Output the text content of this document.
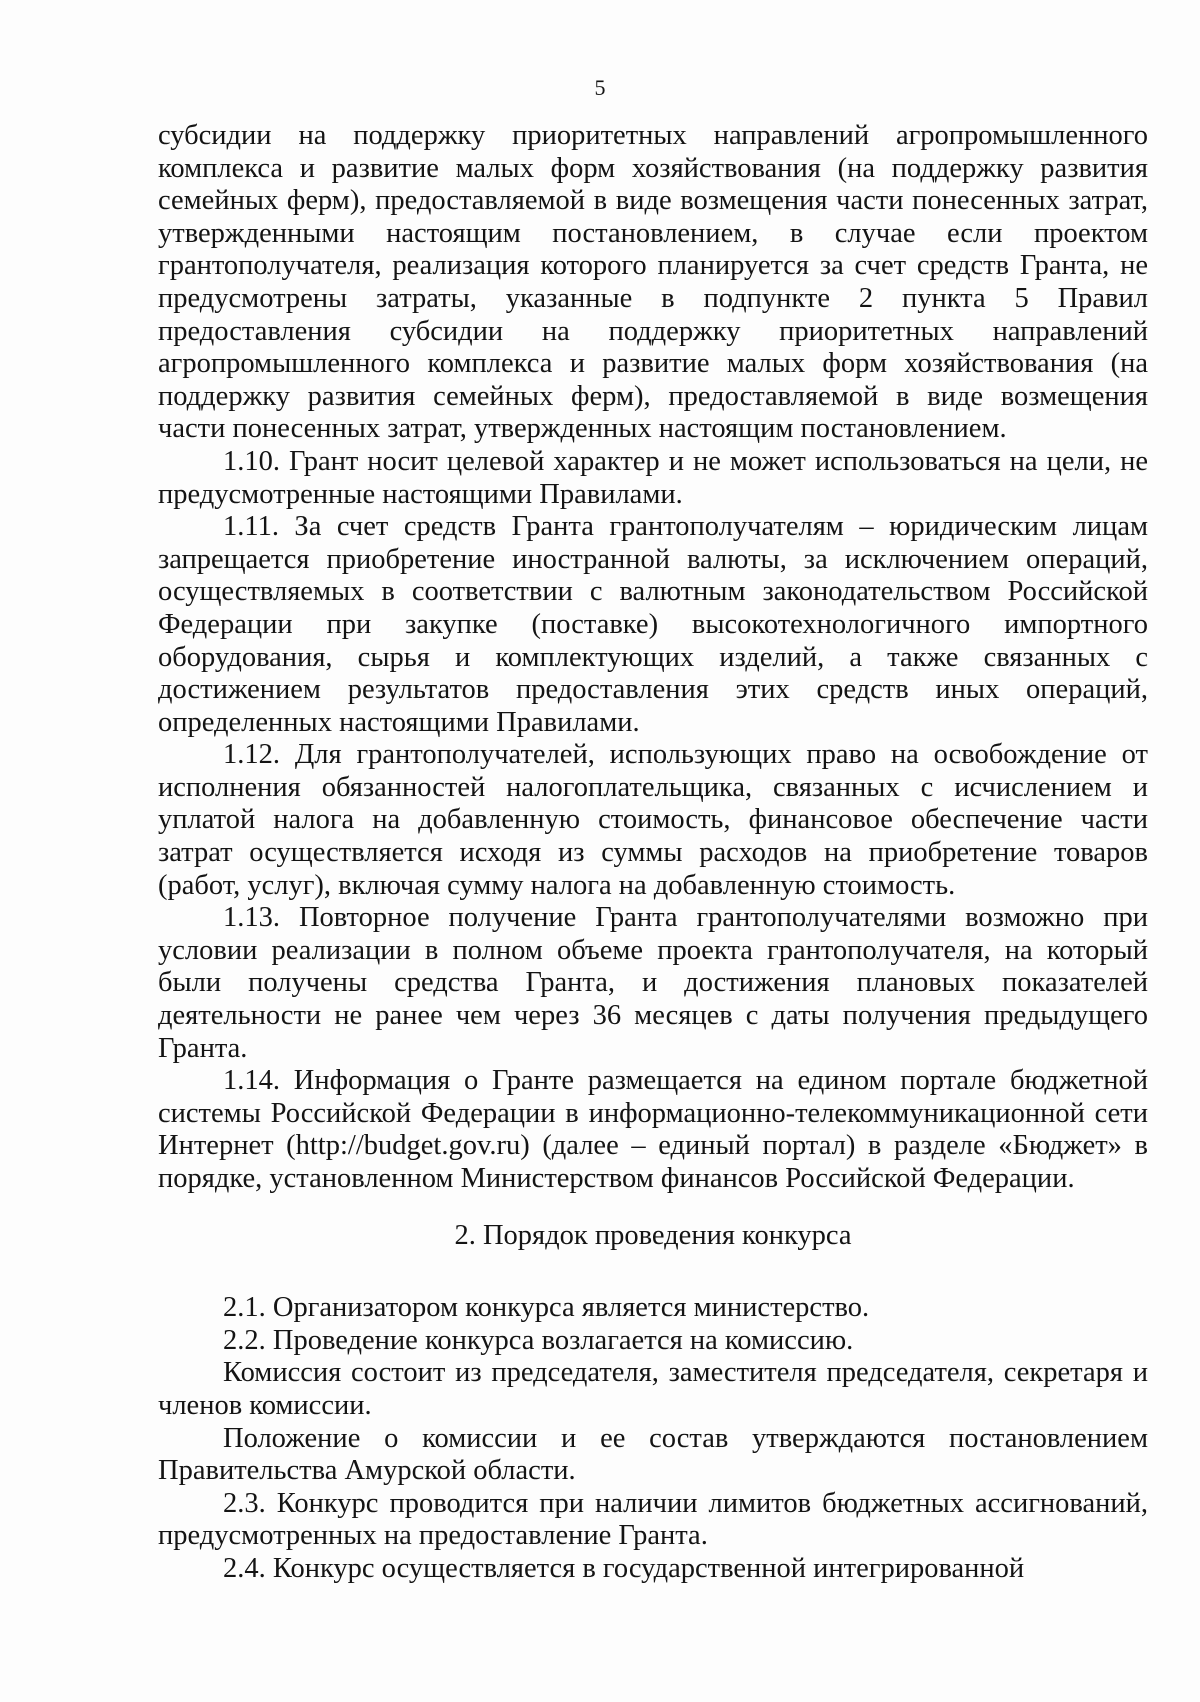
5

субсидии на поддержку приоритетных направлений агропромышленного комплекса и развитие малых форм хозяйствования (на поддержку развития семейных ферм), предоставляемой в виде возмещения части понесенных затрат, утвержденными настоящим постановлением, в случае если проектом грантополучателя, реализация которого планируется за счет средств Гранта, не предусмотрены затраты, указанные в подпункте 2 пункта 5 Правил предоставления субсидии на поддержку приоритетных направлений агропромышленного комплекса и развитие малых форм хозяйствования (на поддержку развития семейных ферм), предоставляемой в виде возмещения части понесенных затрат, утвержденных настоящим постановлением.

1.10. Грант носит целевой характер и не может использоваться на цели, не предусмотренные настоящими Правилами.

1.11. За счет средств Гранта грантополучателям – юридическим лицам запрещается приобретение иностранной валюты, за исключением операций, осуществляемых в соответствии с валютным законодательством Российской Федерации при закупке (поставке) высокотехнологичного импортного оборудования, сырья и комплектующих изделий, а также связанных с достижением результатов предоставления этих средств иных операций, определенных настоящими Правилами.

1.12. Для грантополучателей, использующих право на освобождение от исполнения обязанностей налогоплательщика, связанных с исчислением и уплатой налога на добавленную стоимость, финансовое обеспечение части затрат осуществляется исходя из суммы расходов на приобретение товаров (работ, услуг), включая сумму налога на добавленную стоимость.

1.13. Повторное получение Гранта грантополучателями возможно при условии реализации в полном объеме проекта грантополучателя, на который были получены средства Гранта, и достижения плановых показателей деятельности не ранее чем через 36 месяцев с даты получения предыдущего Гранта.

1.14. Информация о Гранте размещается на едином портале бюджетной системы Российской Федерации в информационно-телекоммуникационной сети Интернет (http://budget.gov.ru) (далее – единый портал) в разделе «Бюджет» в порядке, установленном Министерством финансов Российской Федерации.

2. Порядок проведения конкурса

2.1. Организатором конкурса является министерство.

2.2. Проведение конкурса возлагается на комиссию.

Комиссия состоит из председателя, заместителя председателя, секретаря и членов комиссии.

Положение о комиссии и ее состав утверждаются постановлением Правительства Амурской области.

2.3. Конкурс проводится при наличии лимитов бюджетных ассигнований, предусмотренных на предоставление Гранта.

2.4. Конкурс осуществляется в государственной интегрированной
